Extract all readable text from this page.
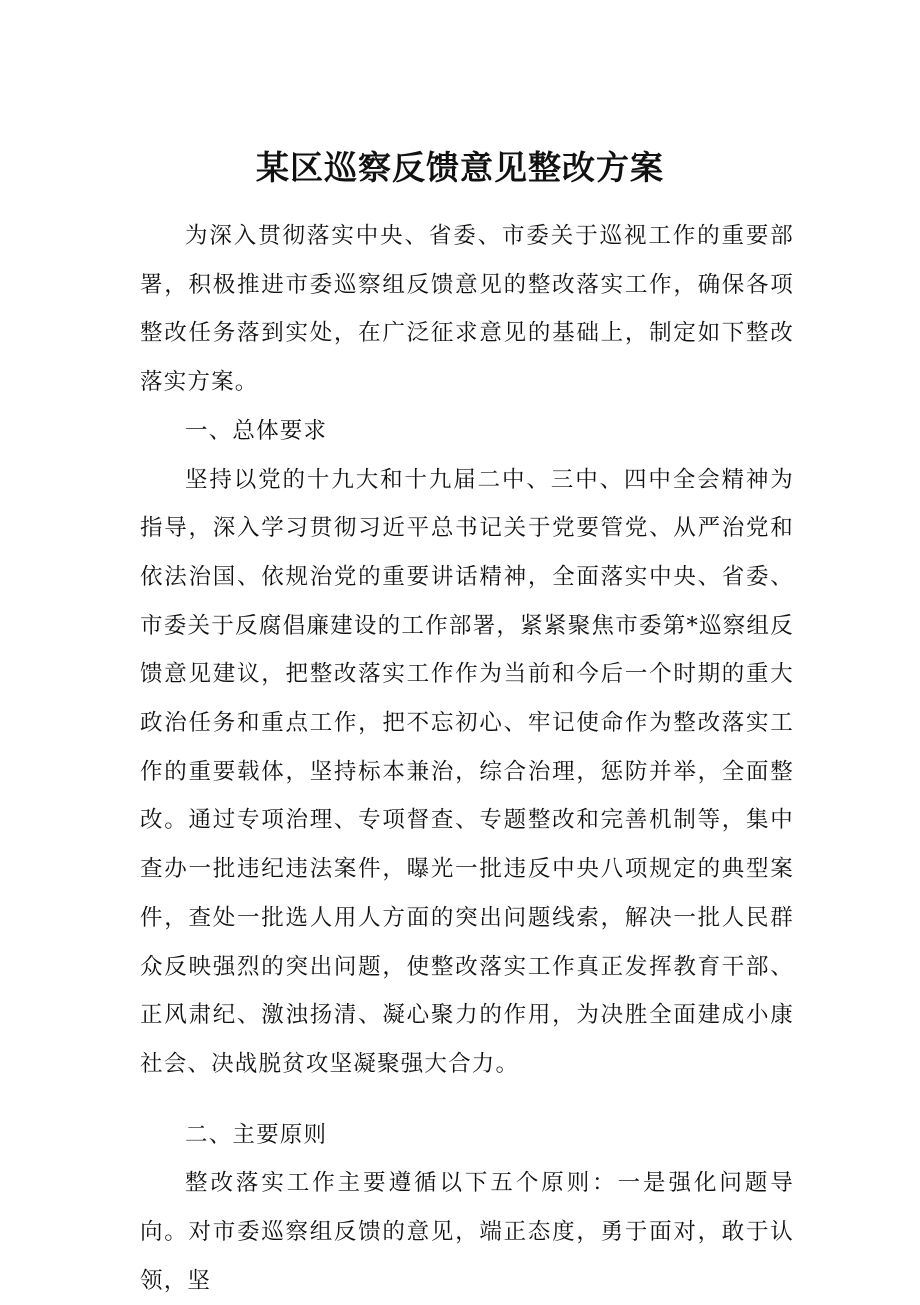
某区巡察反馈意见整改方案

为深入贯彻落实中央、省委、市委关于巡视工作的重要部署，积极推进市委巡察组反馈意见的整改落实工作，确保各项整改任务落到实处，在广泛征求意见的基础上，制定如下整改落实方案。

一、总体要求

坚持以党的十九大和十九届二中、三中、四中全会精神为指导，深入学习贯彻习近平总书记关于党要管党、从严治党和依法治国、依规治党的重要讲话精神，全面落实中央、省委、市委关于反腐倡廉建设的工作部署，紧紧聚焦市委第*巡察组反馈意见建议，把整改落实工作作为当前和今后一个时期的重大政治任务和重点工作，把不忘初心、牢记使命作为整改落实工作的重要载体，坚持标本兼治，综合治理，惩防并举，全面整改。通过专项治理、专项督查、专题整改和完善机制等，集中查办一批违纪违法案件，曝光一批违反中央八项规定的典型案件，查处一批选人用人方面的突出问题线索，解决一批人民群众反映强烈的突出问题，使整改落实工作真正发挥教育干部、正风肃纪、激浊扬清、凝心聚力的作用，为决胜全面建成小康社会、决战脱贫攻坚凝聚强大合力。

二、主要原则

整改落实工作主要遵循以下五个原则：一是强化问题导向。对市委巡察组反馈的意见，端正态度，勇于面对，敢于认领，坚
